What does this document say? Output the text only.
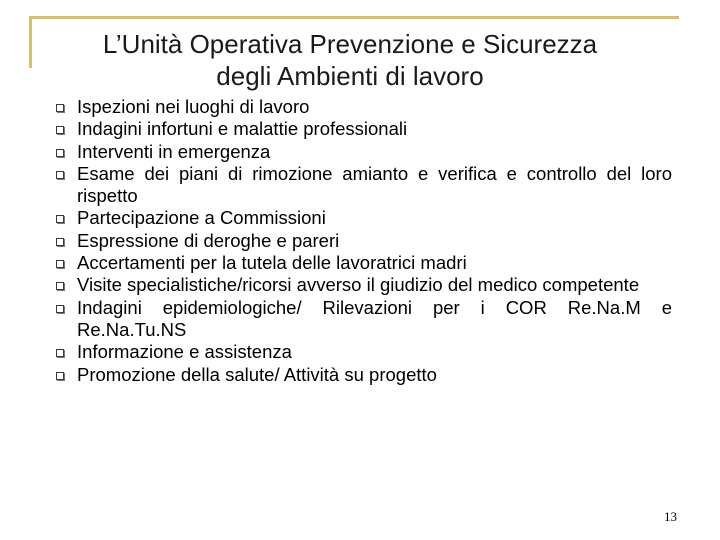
L’Unità Operativa Prevenzione e Sicurezza
degli Ambienti di lavoro
Ispezioni nei luoghi di lavoro
Indagini infortuni e malattie professionali
Interventi in emergenza
Esame dei piani di rimozione amianto e verifica e controllo del loro rispetto
Partecipazione a Commissioni
Espressione di deroghe e pareri
Accertamenti per la tutela delle lavoratrici madri
Visite specialistiche/ricorsi avverso il giudizio del medico competente
Indagini epidemiologiche/ Rilevazioni per i COR Re.Na.M e Re.Na.Tu.NS
Informazione e assistenza
Promozione della salute/ Attività su progetto
13
